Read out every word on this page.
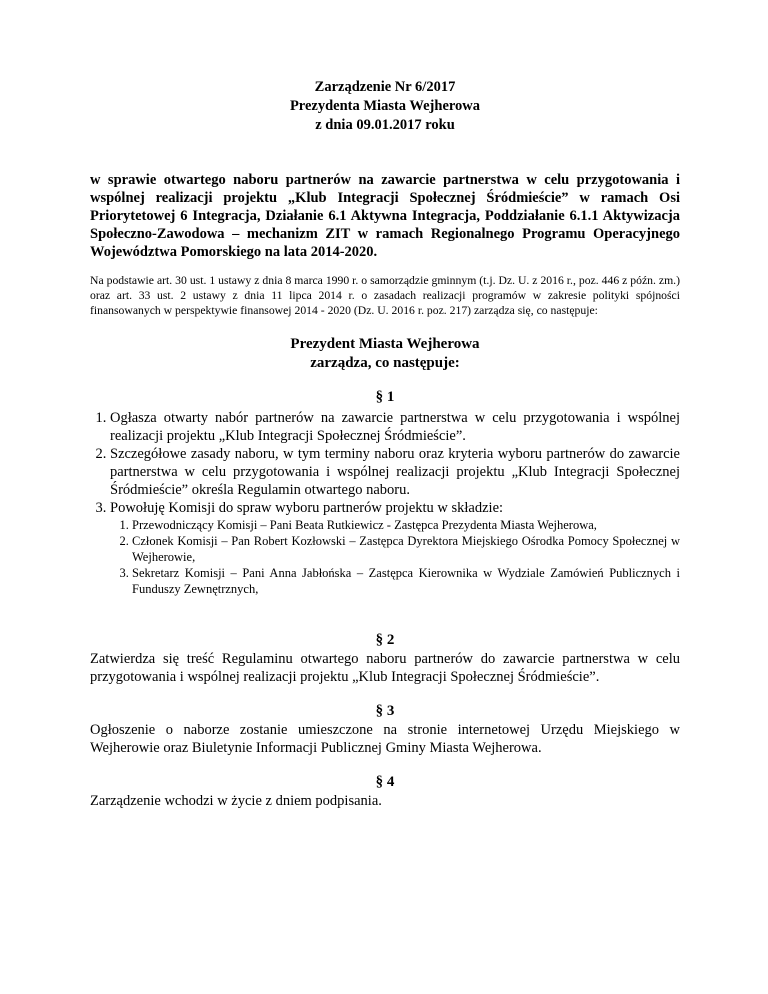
Zarządzenie Nr 6/2017
Prezydenta Miasta Wejherowa
z dnia 09.01.2017 roku
w sprawie otwartego naboru partnerów na zawarcie partnerstwa w celu przygotowania i wspólnej realizacji projektu „Klub Integracji Społecznej Śródmieście” w ramach Osi Priorytetowej 6 Integracja, Działanie 6.1 Aktywna Integracja, Poddziałanie 6.1.1 Aktywizacja Społeczno-Zawodowa – mechanizm ZIT w ramach Regionalnego Programu Operacyjnego Województwa Pomorskiego na lata 2014-2020.
Na podstawie art. 30 ust. 1 ustawy z dnia 8 marca 1990 r. o samorządzie gminnym (t.j. Dz. U. z 2016 r., poz. 446 z późn. zm.) oraz art. 33 ust. 2 ustawy z dnia 11 lipca 2014 r. o zasadach realizacji programów w zakresie polityki spójności finansowanych w perspektywie finansowej 2014 - 2020 (Dz. U. 2016 r. poz. 217) zarządza się, co następuje:
Prezydent Miasta Wejherowa
zarządza, co następuje:
§ 1
1. Ogłasza otwarty nabór partnerów na zawarcie partnerstwa w celu przygotowania i wspólnej realizacji projektu „Klub Integracji Społecznej Śródmieście”.
2. Szczegółowe zasady naboru, w tym terminy naboru oraz kryteria wyboru partnerów do zawarcie partnerstwa w celu przygotowania i wspólnej realizacji projektu „Klub Integracji Społecznej Śródmieście” określa Regulamin otwartego naboru.
3. Powołuję Komisji do spraw wyboru partnerów projektu w składzie:
1. Przewodniczący Komisji – Pani Beata Rutkiewicz - Zastępca Prezydenta Miasta Wejherowa,
2. Członek Komisji – Pan Robert Kozłowski – Zastępca Dyrektora Miejskiego Ośrodka Pomocy Społecznej w Wejherowie,
3. Sekretarz Komisji – Pani Anna Jabłońska – Zastępca Kierownika w Wydziale Zamówień Publicznych i Funduszy Zewnętrznych,
§ 2
Zatwierdza się treść Regulaminu otwartego naboru partnerów do zawarcie partnerstwa w celu przygotowania i wspólnej realizacji projektu „Klub Integracji Społecznej Śródmieście”.
§ 3
Ogłoszenie o naborze zostanie umieszczone na stronie internetowej Urzędu Miejskiego w Wejherowie oraz Biuletynie Informacji Publicznej Gminy Miasta Wejherowa.
§ 4
Zarządzenie wchodzi w życie z dniem podpisania.
